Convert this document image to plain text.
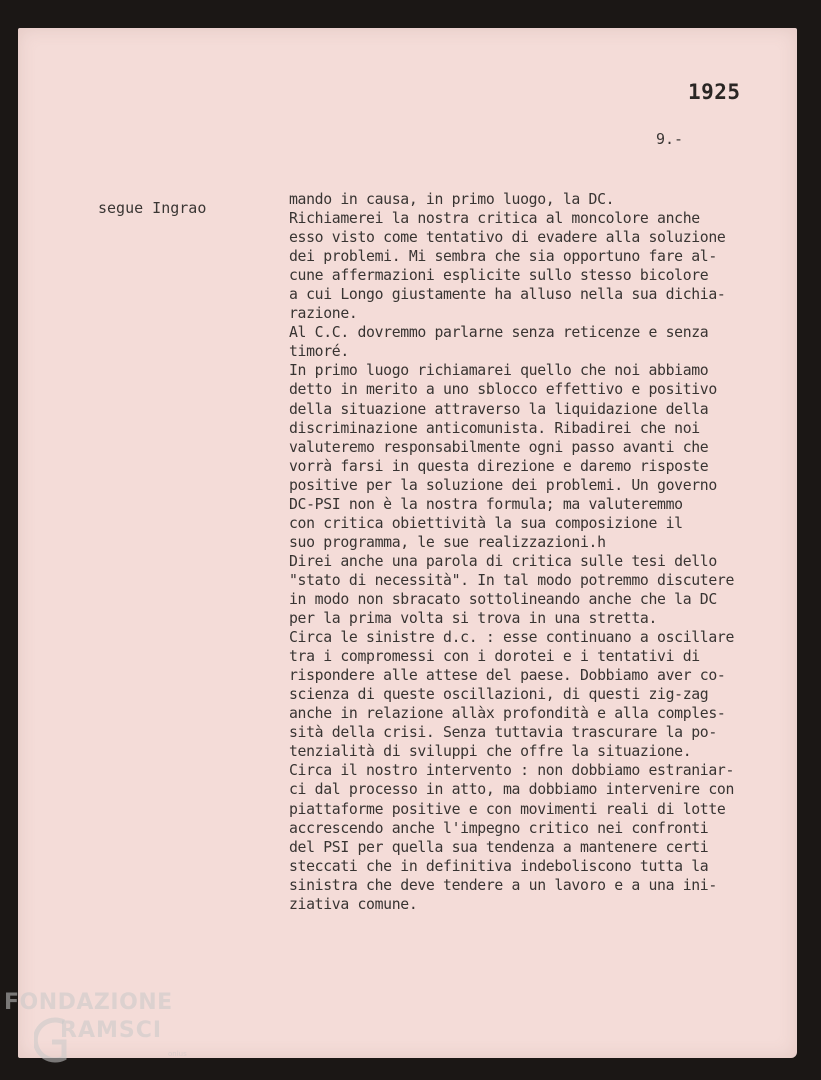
1925
9.-
segue Ingrao	mando in causa, in primo luogo, la DC.
Richiamerei la nostra critica al moncolore anche
esso visto come tentativo di evadere alla soluzione
dei problemi. Mi sembra che sia opportuno fare al-
cune affermazioni esplicite sullo stesso bicolore
a cui Longo giustamente ha alluso nella sua dichia-
razione.
Al C.C. dovremmo parlarne senza reticenze e senza
timoré.
In primo luogo richiamarei quello che noi abbiamo
detto in merito a uno sblocco effettivo e positivo
della situazione attraverso la liquidazione della
discriminazione anticomunista. Ribadirei che noi
valuteremo responsabilmente ogni passo avanti che
vorrà farsi in questa direzione e daremo risposte
positive per la soluzione dei problemi. Un governo
DC-PSI non è la nostra formula; ma valuteremmo
con critica obiettività la sua composizione il
suo programma, le sue realizzazioni.h
Direi anche una parola di critica sulle tesi dello
"stato di necessità". In tal modo potremmo discutere
in modo non sbracato sottolineando anche che la DC
per la prima volta si trova in una stretta.
Circa le sinistre d.c. : esse continuano a oscillare
tra i compromessi con i dorotei e i tentativi di
rispondere alle attese del paese. Dobbiamo aver co-
scienza di queste oscillazioni, di questi zig-zag
anche in relazione allàx profondità e alla comples-
sità della crisi. Senza tuttavia trascurare la po-
tenzialità di sviluppi che offre la situazione.
Circa il nostro intervento : non dobbiamo estraniar-
ci dal processo in atto, ma dobbiamo intervenire con
piattaforme positive e con movimenti reali di lotte
accrescendo anche l'impegno critico nei confronti
del PSI per quella sua tendenza a mantenere certi
steccati che in definitiva indeboliscono tutta la
sinistra che deve tendere a un lavoro e a una ini-
ziativa comune.
FONDAZIONE
RAMSCI
onlus
